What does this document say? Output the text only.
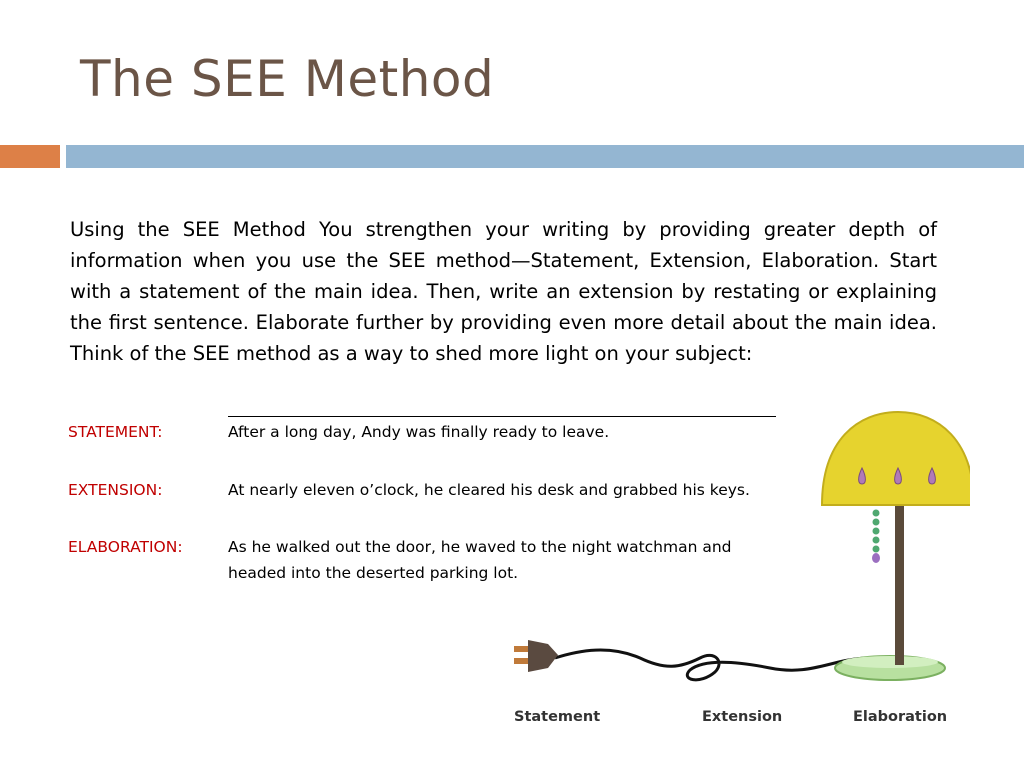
The SEE Method
Using the SEE Method You strengthen your writing by providing greater depth of information when you use the SEE method—Statement, Extension, Elaboration. Start with a statement of the main idea. Then, write an extension by restating or explaining the first sentence. Elaborate further by providing even more detail about the main idea. Think of the SEE method as a way to shed more light on your subject:
STATEMENT:	After a long day, Andy was finally ready to leave.
EXTENSION:	At nearly eleven o’clock, he cleared his desk and grabbed his keys.
ELABORATION:	As he walked out the door, he waved to the night watchman and headed into the deserted parking lot.
Statement	Extension	Elaboration
